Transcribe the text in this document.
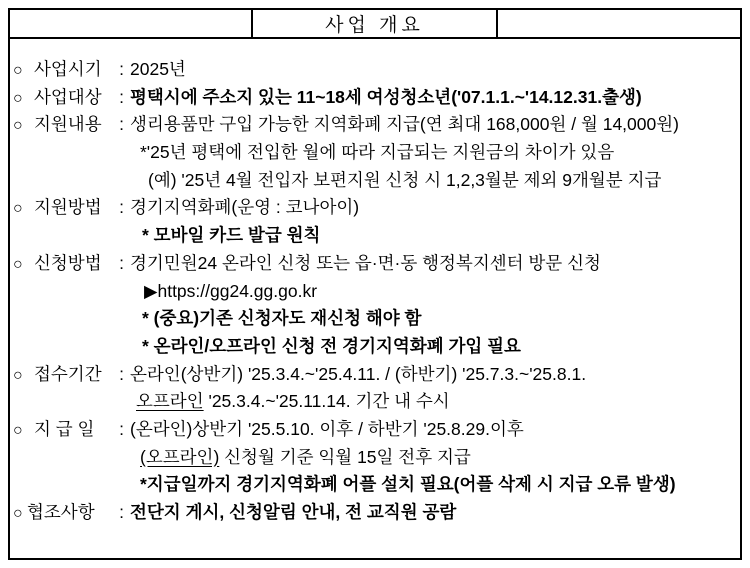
사업 개요
○ 사업시기 : 2025년
○ 사업대상 : 평택시에 주소지 있는 11~18세 여성청소년('07.1.1.~'14.12.31.출생)
○ 지원내용 : 생리용품만 구입 가능한 지역화폐 지급(연 최대 168,000원 / 월 14,000원)
*'25년 평택에 전입한 월에 따라 지급되는 지원금의 차이가 있음
(예) '25년 4월 전입자 보편지원 신청 시 1,2,3월분 제외 9개월분 지급
○ 지원방법 : 경기지역화폐(운영 : 코나아이)
* 모바일 카드 발급 원칙
○ 신청방법 : 경기민원24 온라인 신청 또는 읍·면·동 행정복지센터 방문 신청
▶https://gg24.gg.go.kr
* (중요)기존 신청자도 재신청 해야 함
* 온라인/오프라인 신청 전 경기지역화폐 가입 필요
○ 접수기간 : 온라인(상반기) '25.3.4.~'25.4.11. / (하반기) '25.7.3.~'25.8.1.
오프라인 '25.3.4.~'25.11.14. 기간 내 수시
○ 지 급 일	: (온라인)상반기 '25.5.10. 이후 / 하반기 '25.8.29.이후
(오프라인) 신청월 기준 익월 15일 전후 지급
*지급일까지 경기지역화폐 어플 설치 필요(어플 삭제 시 지급 오류 발생)
○ 협조사항	: 전단지 게시, 신청알림 안내, 전 교직원 공람
